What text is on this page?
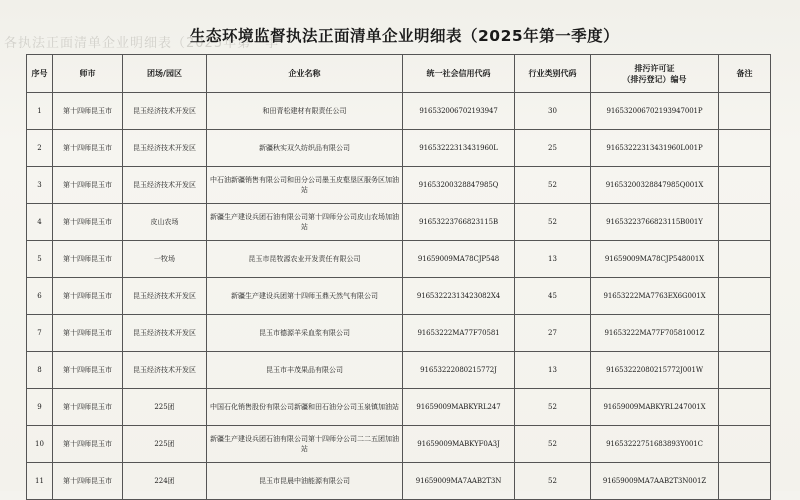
各执法正面清单企业明细表（2025年第一季
生态环境监督执法正面清单企业明细表（2025年第一季度）
序号	师市	团场/园区	企业名称	统一社会信用代码	行业类别代码	排污许可证
（排污登记）编号	备注
1	第十四师昆玉市	昆玉经济技术开发区	和田青松建材有限责任公司	916532006702193947	30	916532006702193947001P	
2	第十四师昆玉市	昆玉经济技术开发区	新疆秋实双久纺织品有限公司	91653222313431960L	25	91653222313431960L001P	
3	第十四师昆玉市	昆玉经济技术开发区	中石油新疆销售有限公司和田分公司墨玉皮壑垦区服务区加油站	91653200328847985Q	52	91653200328847985Q001X	
4	第十四师昆玉市	皮山农场	新疆生产建设兵团石油有限公司第十四师分公司皮山农场加油站	91653223766823115B	52	91653223766823115B001Y	
5	第十四师昆玉市	一牧场	昆玉市昆牧源农业开发责任有限公司	91659009MA78CJP548	13	91659009MA78CJP548001X	
6	第十四师昆玉市	昆玉经济技术开发区	新疆生产建设兵团第十四师玉鼎天然气有限公司	91653222313423082X4	45	91653222MA7763EX6G001X	
7	第十四师昆玉市	昆玉经济技术开发区	昆玉市德源羊采血浆有限公司	91653222MA77F70581	27	91653222MA77F70581001Z	
8	第十四师昆玉市	昆玉经济技术开发区	昆玉市丰茂果品有限公司	91653222080215772J	13	91653222080215772J001W	
9	第十四师昆玉市	225团	中国石化销售股份有限公司新疆和田石油分公司玉泉镇加油站	91659009MABKYRL247	52	91659009MABKYRL247001X	
10	第十四师昆玉市	225团	新疆生产建设兵团石油有限公司第十四师分公司二二五团加油站	91659009MABKYF0A3J	52	91653222751683893Y001C	
11	第十四师昆玉市	224团	昆玉市昆晨中油能源有限公司	91659009MA7AAB2T3N	52	91659009MA7AAB2T3N001Z	
